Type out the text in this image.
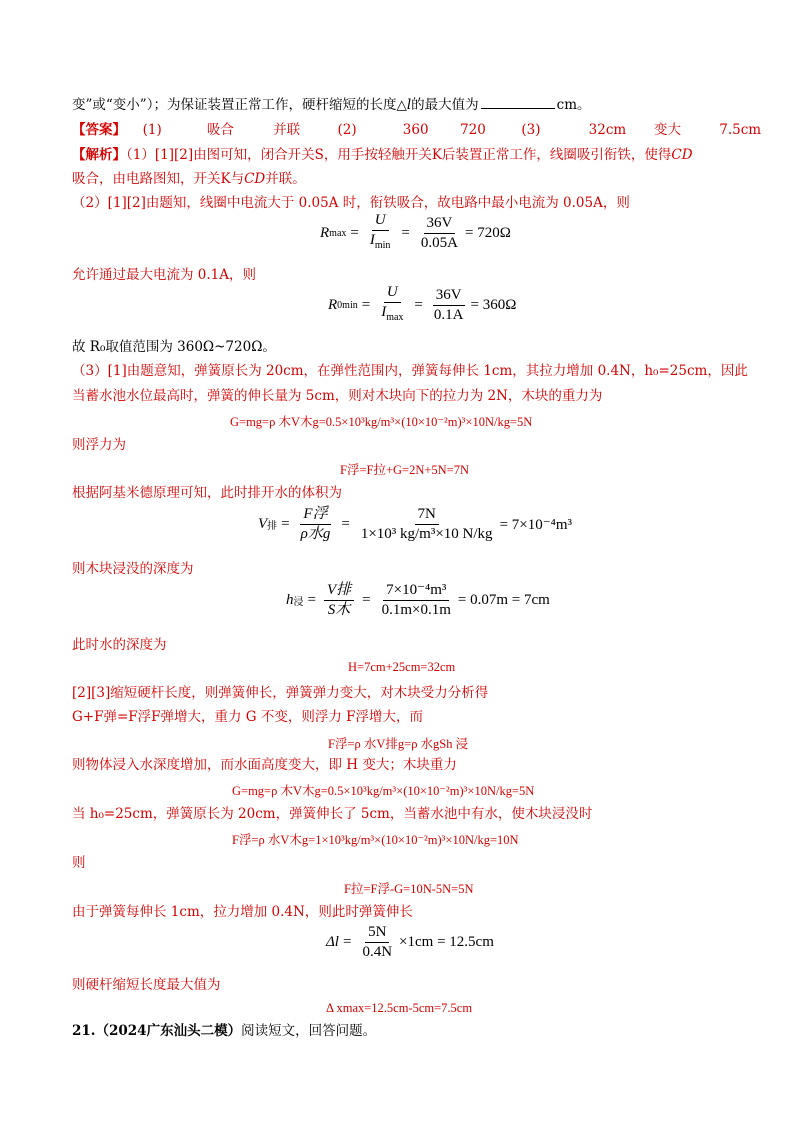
变”或“变小”）；为保证装置正常工作，硬杆缩短的长度△l的最大值为	cm。
【答案】 (1)	吸合	并联	(2)	360 720	(3)	32cm 变大	7.5cm
【解析】（1）[1][2]由图可知，闭合开关S，用手按轻触开关K后装置正常工作，线圈吸引衔铁，使得CD
吸合，由电路图知，开关K与CD并联。
（2）[1][2]由题知，线圈中电流大于 0.05A 时，衔铁吸合，故电路中最小电流为 0.05A，则
R $\max = \frac{U}{I_{min}} = \frac{36V}{0.05A} = 720\Omega$
允许通过最大电流为 0.1A，则
R $0\min = \frac{U}{I_{max}} = \frac{36V}{0.1A} = 360\Omega$
故 R₀取值范围为 360Ω~720Ω。
（3）[1]由题意知，弹簧原长为 20cm，在弹性范围内，弹簧每伸长 1cm，其拉力增加 0.4N，h₀=25cm，因此
当蓄水池水位最高时，弹簧的伸长量为 5cm，则对木块向下的拉力为 2N，木块的重力为
G=mg=ρ 木V木g=0.5×10³kg/m³×(10×10⁻²m)³×10N/kg=5N
则浮力为
F浮=F拉+G=2N+5N=7N
根据阿基米德原理可知，此时排开水的体积为
V 排 = $\frac{\text{F浮}}{\text{ρ水g}} = \frac{7N}{\text{1×10³ kg/m³×10 N/kg}} = 7\times 10^{-4}m^3$
则木块浸没的深度为
h 浸 = $\frac{\text{V排}}{\text{S木}} = \frac{\text{7×10⁻⁴m³}}{0.1m\times 0.1m} = 0.07m = 7cm$
此时水的深度为
H=7cm+25cm=32cm
[2][3]缩短硬杆长度，则弹簧伸长，弹簧弹力变大，对木块受力分析得
G+F弹=F浮F弹增大，重力 G 不变，则浮力 F浮增大，而
F浮=ρ 水V排g=ρ 水gSh 浸
则物体浸入水深度增加，而水面高度变大，即 H 变大；木块重力
G=mg=ρ 木V木g=0.5×10³kg/m³×(10×10⁻²m)³×10N/kg=5N
当 h₀=25cm，弹簧原长为 20cm，弹簧伸长了 5cm，当蓄水池中有水，使木块浸没时
F浮=ρ 水V木g=1×10³kg/m³×(10×10⁻²m)³×10N/kg=10N
则
F拉=F浮-G=10N-5N=5N
由于弹簧每伸长 1cm，拉力增加 0.4N，则此时弹簧伸长
$\Delta l = \frac{5N}{0.4N} \times 1cm = 12.5cm$
则硬杆缩短长度最大值为
Δ xmax=12.5cm-5cm=7.5cm
21.（2024广东汕头二模）阅读短文，回答问题。
